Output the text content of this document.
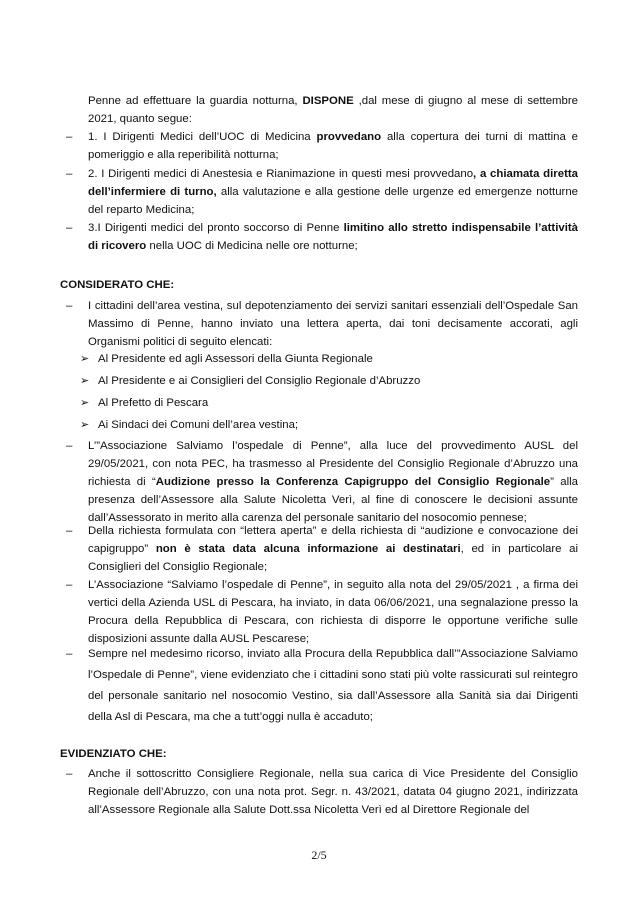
Penne ad effettuare la guardia notturna, DISPONE ,dal mese di giugno al mese di settembre 2021, quanto segue:
–	1. I Dirigenti Medici dell’UOC di Medicina provvedano alla copertura dei turni di mattina e pomeriggio e alla reperibilità notturna;
–	2. I Dirigenti medici di Anestesia e Rianimazione in questi mesi provvedano, a chiamata diretta dell’infermiere di turno, alla valutazione e alla gestione delle urgenze ed emergenze notturne del reparto Medicina;
–	3.I Dirigenti medici del pronto soccorso di Penne limitino allo stretto indispensabile l’attività di ricovero nella UOC di Medicina nelle ore notturne;
CONSIDERATO CHE:
–	I cittadini dell’area vestina, sul depotenziamento dei servizi sanitari essenziali dell’Ospedale San Massimo di Penne, hanno inviato una lettera aperta, dai toni decisamente accorati, agli Organismi politici di seguito elencati:
➢ Al Presidente ed agli Assessori della Giunta Regionale
➢ Al Presidente e ai Consiglieri del Consiglio Regionale d’Abruzzo
➢ Al Prefetto di Pescara
➢ Ai Sindaci dei Comuni dell’area vestina;
–	L’”Associazione Salviamo l’ospedale di Penne”, alla luce del provvedimento AUSL del 29/05/2021, con nota PEC, ha trasmesso al Presidente del Consiglio Regionale d’Abruzzo una richiesta di “Audizione presso la Conferenza Capigruppo del Consiglio Regionale” alla presenza dell’Assessore alla Salute Nicoletta Verì, al fine di conoscere le decisioni assunte dall’Assessorato in merito alla carenza del personale sanitario del nosocomio pennese;
–	Della richiesta formulata con “lettera aperta” e della richiesta di “audizione e convocazione dei capigruppo” non è stata data alcuna informazione ai destinatari, ed in particolare ai Consiglieri del Consiglio Regionale;
–	L’Associazione “Salviamo l’ospedale di Penne”, in seguito alla nota del 29/05/2021 , a firma dei vertici della Azienda USL di Pescara, ha inviato, in data 06/06/2021, una segnalazione presso la Procura della Repubblica di Pescara, con richiesta di disporre le opportune verifiche sulle disposizioni assunte dalla AUSL Pescarese;
–	Sempre nel medesimo ricorso, inviato alla Procura della Repubblica dall’”Associazione Salviamo l’Ospedale di Penne”, viene evidenziato che i cittadini sono stati più volte rassicurati sul reintegro del personale sanitario nel nosocomio Vestino, sia dall’Assessore alla Sanità sia dai Dirigenti della Asl di Pescara, ma che a tutt’oggi nulla è accaduto;
EVIDENZIATO CHE:
–	Anche il sottoscritto Consigliere Regionale, nella sua carica di Vice Presidente del Consiglio Regionale dell’Abruzzo, con una nota prot. Segr. n. 43/2021, datata 04 giugno 2021, indirizzata all’Assessore Regionale alla Salute Dott.ssa Nicoletta Verì ed al Direttore Regionale del
2/5
